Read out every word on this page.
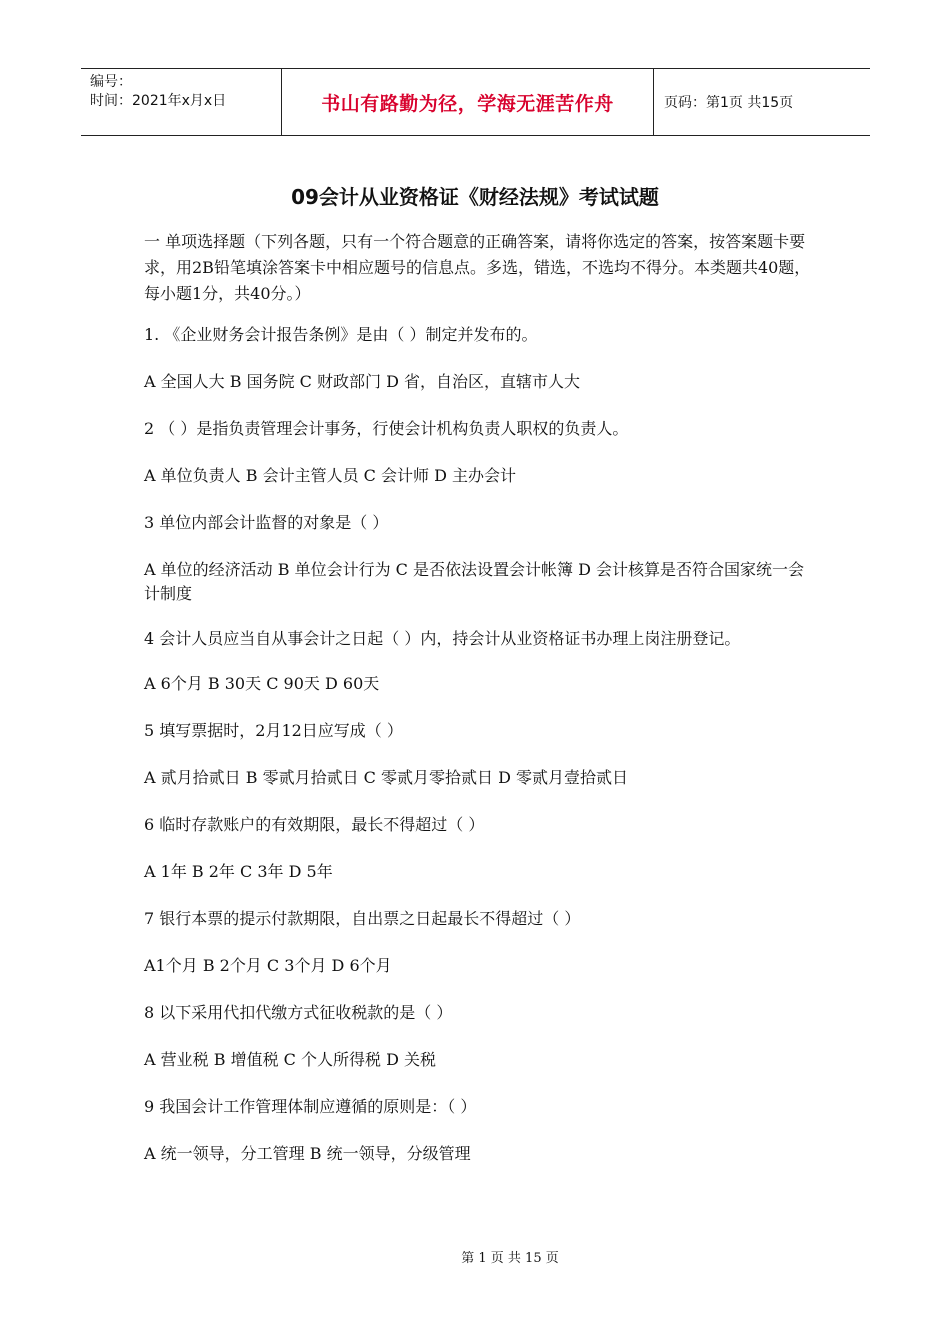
编号：
时间：2021年x月x日	书山有路勤为径，学海无涯苦作舟	页码：第1页 共15页
09会计从业资格证《财经法规》考试试题

一 单项选择题（下列各题，只有一个符合题意的正确答案，请将你选定的答案，按答案题卡要求，用2B铅笔填涂答案卡中相应题号的信息点。多选，错选，不选均不得分。本类题共40题，每小题1分，共40分。）

1. 《企业财务会计报告条例》是由（ ）制定并发布的。

A 全国人大 B 国务院 C 财政部门 D 省，自治区，直辖市人大

2 （ ）是指负责管理会计事务，行使会计机构负责人职权的负责人。

A 单位负责人 B 会计主管人员 C 会计师 D 主办会计

3 单位内部会计监督的对象是（ ）

A 单位的经济活动 B 单位会计行为 C 是否依法设置会计帐簿 D 会计核算是否符合国家统一会计制度

4 会计人员应当自从事会计之日起（ ）内，持会计从业资格证书办理上岗注册登记。

A 6个月 B 30天 C 90天 D 60天

5 填写票据时，2月12日应写成（ ）

A 贰月拾贰日 B 零贰月拾贰日 C 零贰月零拾贰日 D 零贰月壹拾贰日

6 临时存款账户的有效期限，最长不得超过（ ）

A 1年 B 2年 C 3年 D 5年

7 银行本票的提示付款期限，自出票之日起最长不得超过（ ）

A1个月 B 2个月 C 3个月 D 6个月

8 以下采用代扣代缴方式征收税款的是（ ）

A 营业税 B 增值税 C 个人所得税 D 关税

9 我国会计工作管理体制应遵循的原则是：（ ）

A 统一领导，分工管理 B 统一领导，分级管理

第 1 页 共 15 页
